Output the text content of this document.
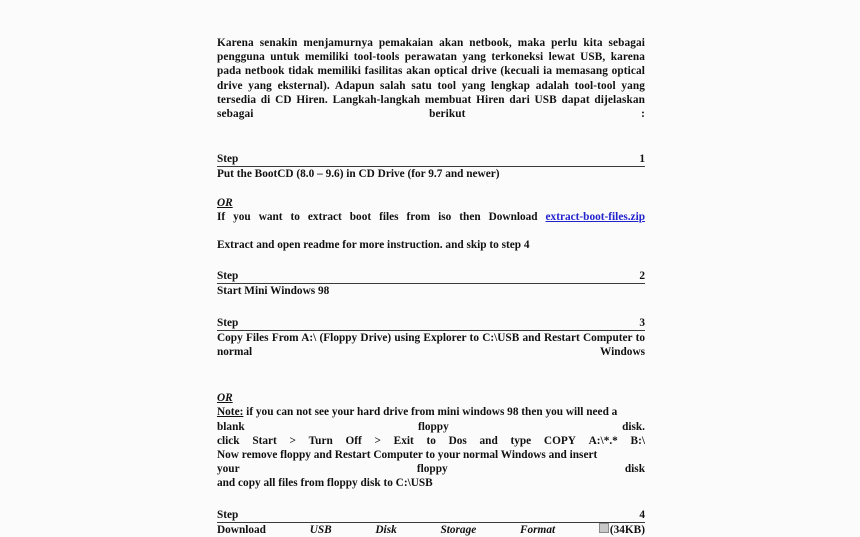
Karena senakin menjamurnya pemakaian akan netbook, maka perlu kita sebagai pengguna untuk memiliki tool-tools perawatan yang terkoneksi lewat USB, karena pada netbook tidak memiliki fasilitas akan optical drive (kecuali ia memasang optical drive yang eksternal). Adapun salah satu tool yang lengkap adalah tool-tool yang tersedia di CD Hiren. Langkah-langkah membuat Hiren dari USB dapat dijelaskan sebagai berikut :
Step	1
Put the BootCD (8.0 – 9.6) in CD Drive (for 9.7 and newer)
OR
If you want to extract boot files from iso then Download extract-boot-files.zip
Extract and open readme for more instruction. and skip to step 4
Step	2
Start Mini Windows 98
Step	3
Copy Files From A:\ (Floppy Drive) using Explorer to C:\USB and Restart Computer to normal Windows
OR
Note: if you can not see your hard drive from mini windows 98 then you will need a
blank	floppy	disk.
click Start > Turn Off > Exit to Dos and type COPY A:\*.* B:\
Now remove floppy and Restart Computer to your normal Windows and insert
your	floppy	disk
and copy all files from floppy disk to C:\USB
Step	4
Download	USB	Disk	Storage	Format	(34KB)
